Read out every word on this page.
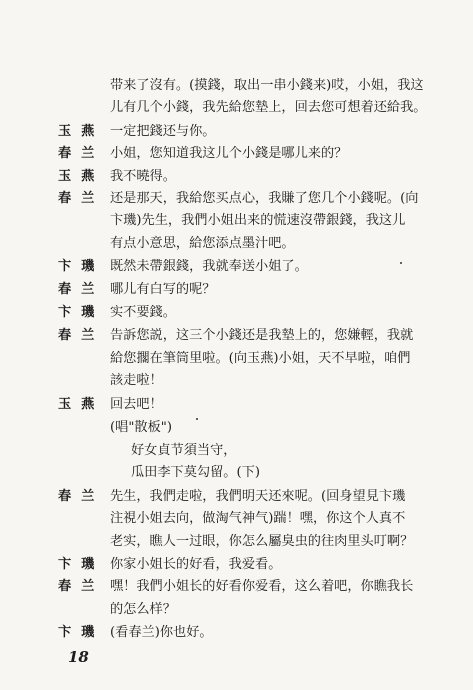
带来了沒有。(摸錢，取出一串小錢来)哎，小姐，我这
儿有几个小錢，我先給您墊上，回去您可想着还給我。
玉燕 一定把錢还与你。
春兰 小姐，您知道我这儿个小錢是哪儿来的？
玉燕 我不曉得。
春兰 还是那天，我給您买点心，我賺了您几个小錢呢。(向
卞璣)先生，我們小姐出来的慌速沒帶銀錢，我这儿
有点小意思，給您添点墨汁吧。
卞璣 既然未帶銀錢，我就奉送小姐了。
春兰 哪儿有白写的呢？
卞璣 实不要錢。
春兰 告訴您説，这三个小錢还是我墊上的，您嫌輕，我就
給您擱在筆筒里啦。(向玉燕)小姐，天不早啦，咱們
該走啦！
玉燕 回去吧！
(唱"散板")
好女貞节須当守，
瓜田李下莫勾留。(下)
春兰 先生，我們走啦，我們明天还來呢。(回身望見卞璣
注視小姐去向，做淘气神气)踹！嘿，你这个人真不
老实，瞧人一过眼，你怎么屬臭虫的往肉里头叮啊？
卞璣 你家小姐长的好看，我爱看。
春兰 嘿！我們小姐长的好看你爱看，这么着吧，你瞧我长
的怎么样？
卞璣 (看春兰)你也好。
18
